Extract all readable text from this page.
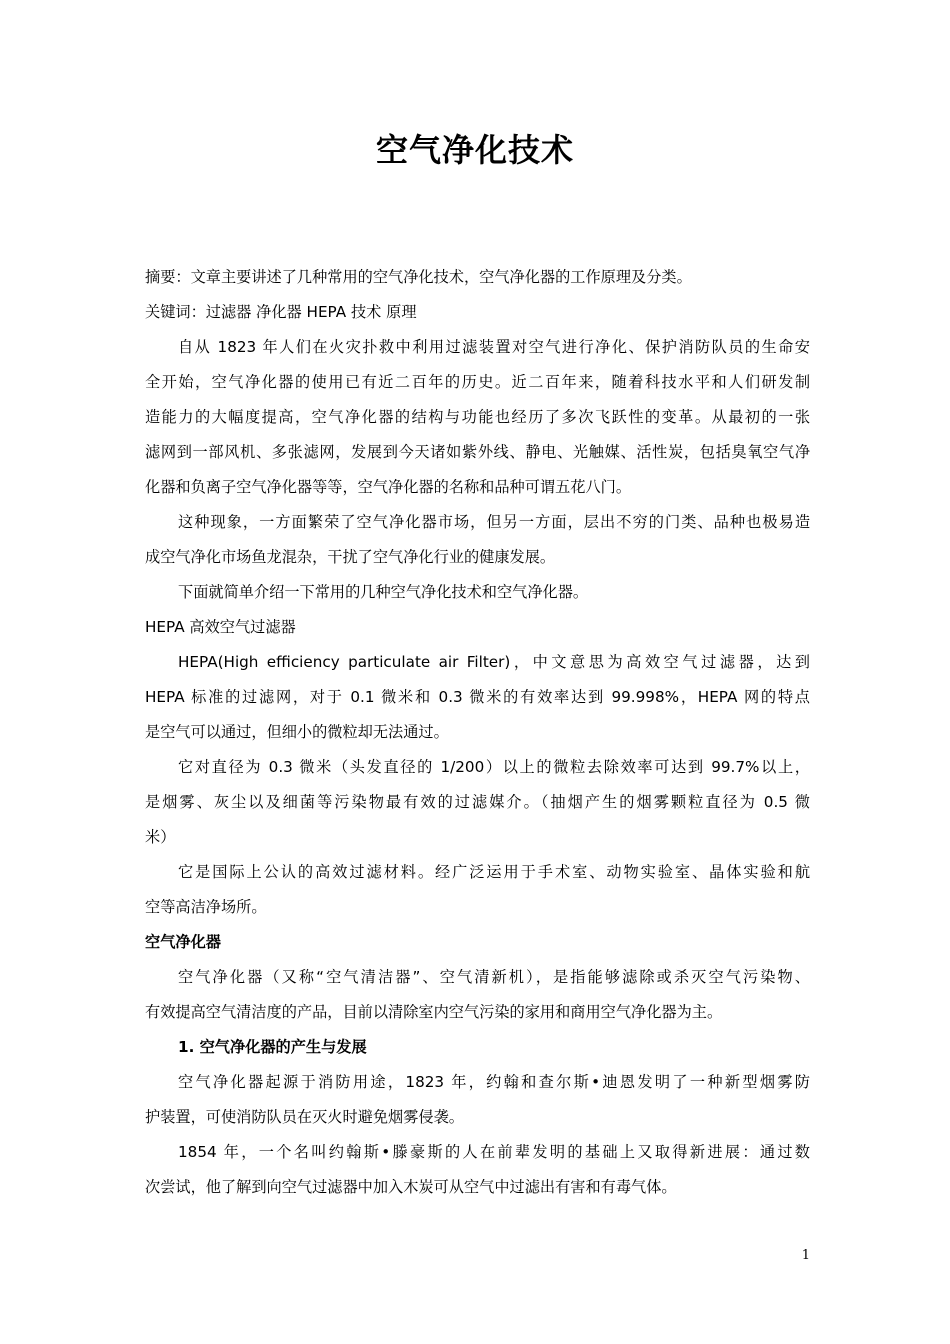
空气净化技术
摘要：文章主要讲述了几种常用的空气净化技术，空气净化器的工作原理及分类。
关键词：过滤器 净化器 HEPA 技术 原理
自从 1823 年人们在火灾扑救中利用过滤装置对空气进行净化、保护消防队员的生命安
全开始，空气净化器的使用已有近二百年的历史。近二百年来，随着科技水平和人们研发制
造能力的大幅度提高，空气净化器的结构与功能也经历了多次飞跃性的变革。从最初的一张
滤网到一部风机、多张滤网，发展到今天诸如紫外线、静电、光触媒、活性炭，包括臭氧空气净
化器和负离子空气净化器等等，空气净化器的名称和品种可谓五花八门。
这种现象，一方面繁荣了空气净化器市场，但另一方面，层出不穷的门类、品种也极易造
成空气净化市场鱼龙混杂，干扰了空气净化行业的健康发展。
下面就简单介绍一下常用的几种空气净化技术和空气净化器。
HEPA 高效空气过滤器
HEPA(High efficiency particulate air Filter)，中文意思为高效空气过滤器，达到
HEPA 标准的过滤网，对于 0.1 微米和 0.3 微米的有效率达到 99.998%，HEPA 网的特点
是空气可以通过，但细小的微粒却无法通过。
它对直径为 0.3 微米（头发直径的 1/200）以上的微粒去除效率可达到 99.7%以上，
是烟雾、灰尘以及细菌等污染物最有效的过滤媒介。（抽烟产生的烟雾颗粒直径为 0.5 微
米）
它是国际上公认的高效过滤材料。经广泛运用于手术室、动物实验室、晶体实验和航
空等高洁净场所。
空气净化器
空气净化器（又称“空气清洁器”、空气清新机），是指能够滤除或杀灭空气污染物、
有效提高空气清洁度的产品，目前以清除室内空气污染的家用和商用空气净化器为主。
1. 空气净化器的产生与发展
空气净化器起源于消防用途，1823 年，约翰和查尔斯•迪恩发明了一种新型烟雾防
护装置，可使消防队员在灭火时避免烟雾侵袭。
1854 年，一个名叫约翰斯•滕豪斯的人在前辈发明的基础上又取得新进展：通过数
次尝试，他了解到向空气过滤器中加入木炭可从空气中过滤出有害和有毒气体。
1
